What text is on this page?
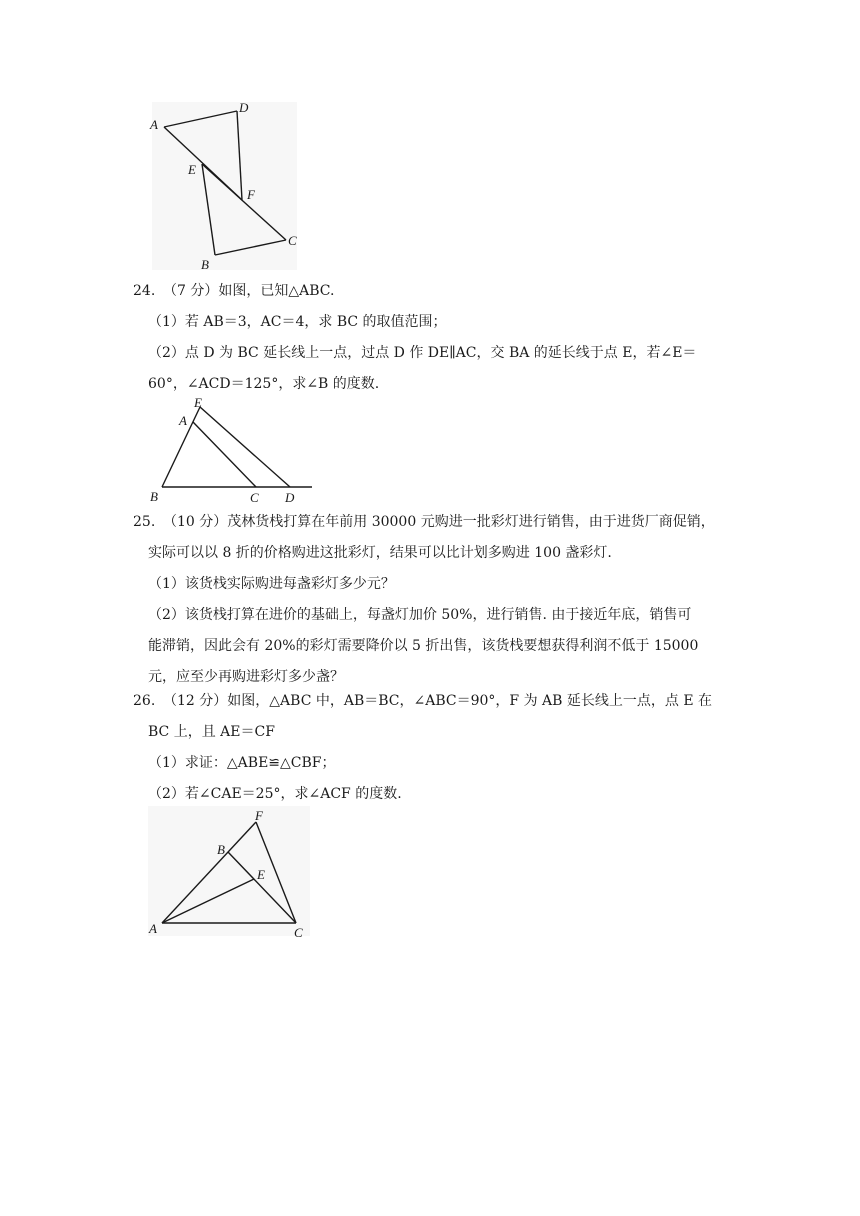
A
D
E
F
C
B
24. （7 分）如图，已知△ABC.
（1）若 AB＝3，AC＝4，求 BC 的取值范围；
（2）点 D 为 BC 延长线上一点，过点 D 作 DE∥AC，交 BA 的延长线于点 E，若∠E＝
60°，∠ACD＝125°，求∠B 的度数.
E
A
B	C D
25. （10 分）茂林货栈打算在年前用 30000 元购进一批彩灯进行销售，由于进货厂商促销，
实际可以以 8 折的价格购进这批彩灯，结果可以比计划多购进 100 盏彩灯.
（1）该货栈实际购进每盏彩灯多少元？
（2）该货栈打算在进价的基础上，每盏灯加价 50%，进行销售. 由于接近年底，销售可
能滞销，因此会有 20%的彩灯需要降价以 5 折出售，该货栈要想获得利润不低于 15000
元，应至少再购进彩灯多少盏？
26. （12 分）如图，△ABC 中，AB＝BC，∠ABC＝90°，F 为 AB 延长线上一点，点 E 在
BC 上，且 AE＝CF
（1）求证：△ABE≌△CBF；
（2）若∠CAE＝25°，求∠ACF 的度数.
F
B
E
A	C
